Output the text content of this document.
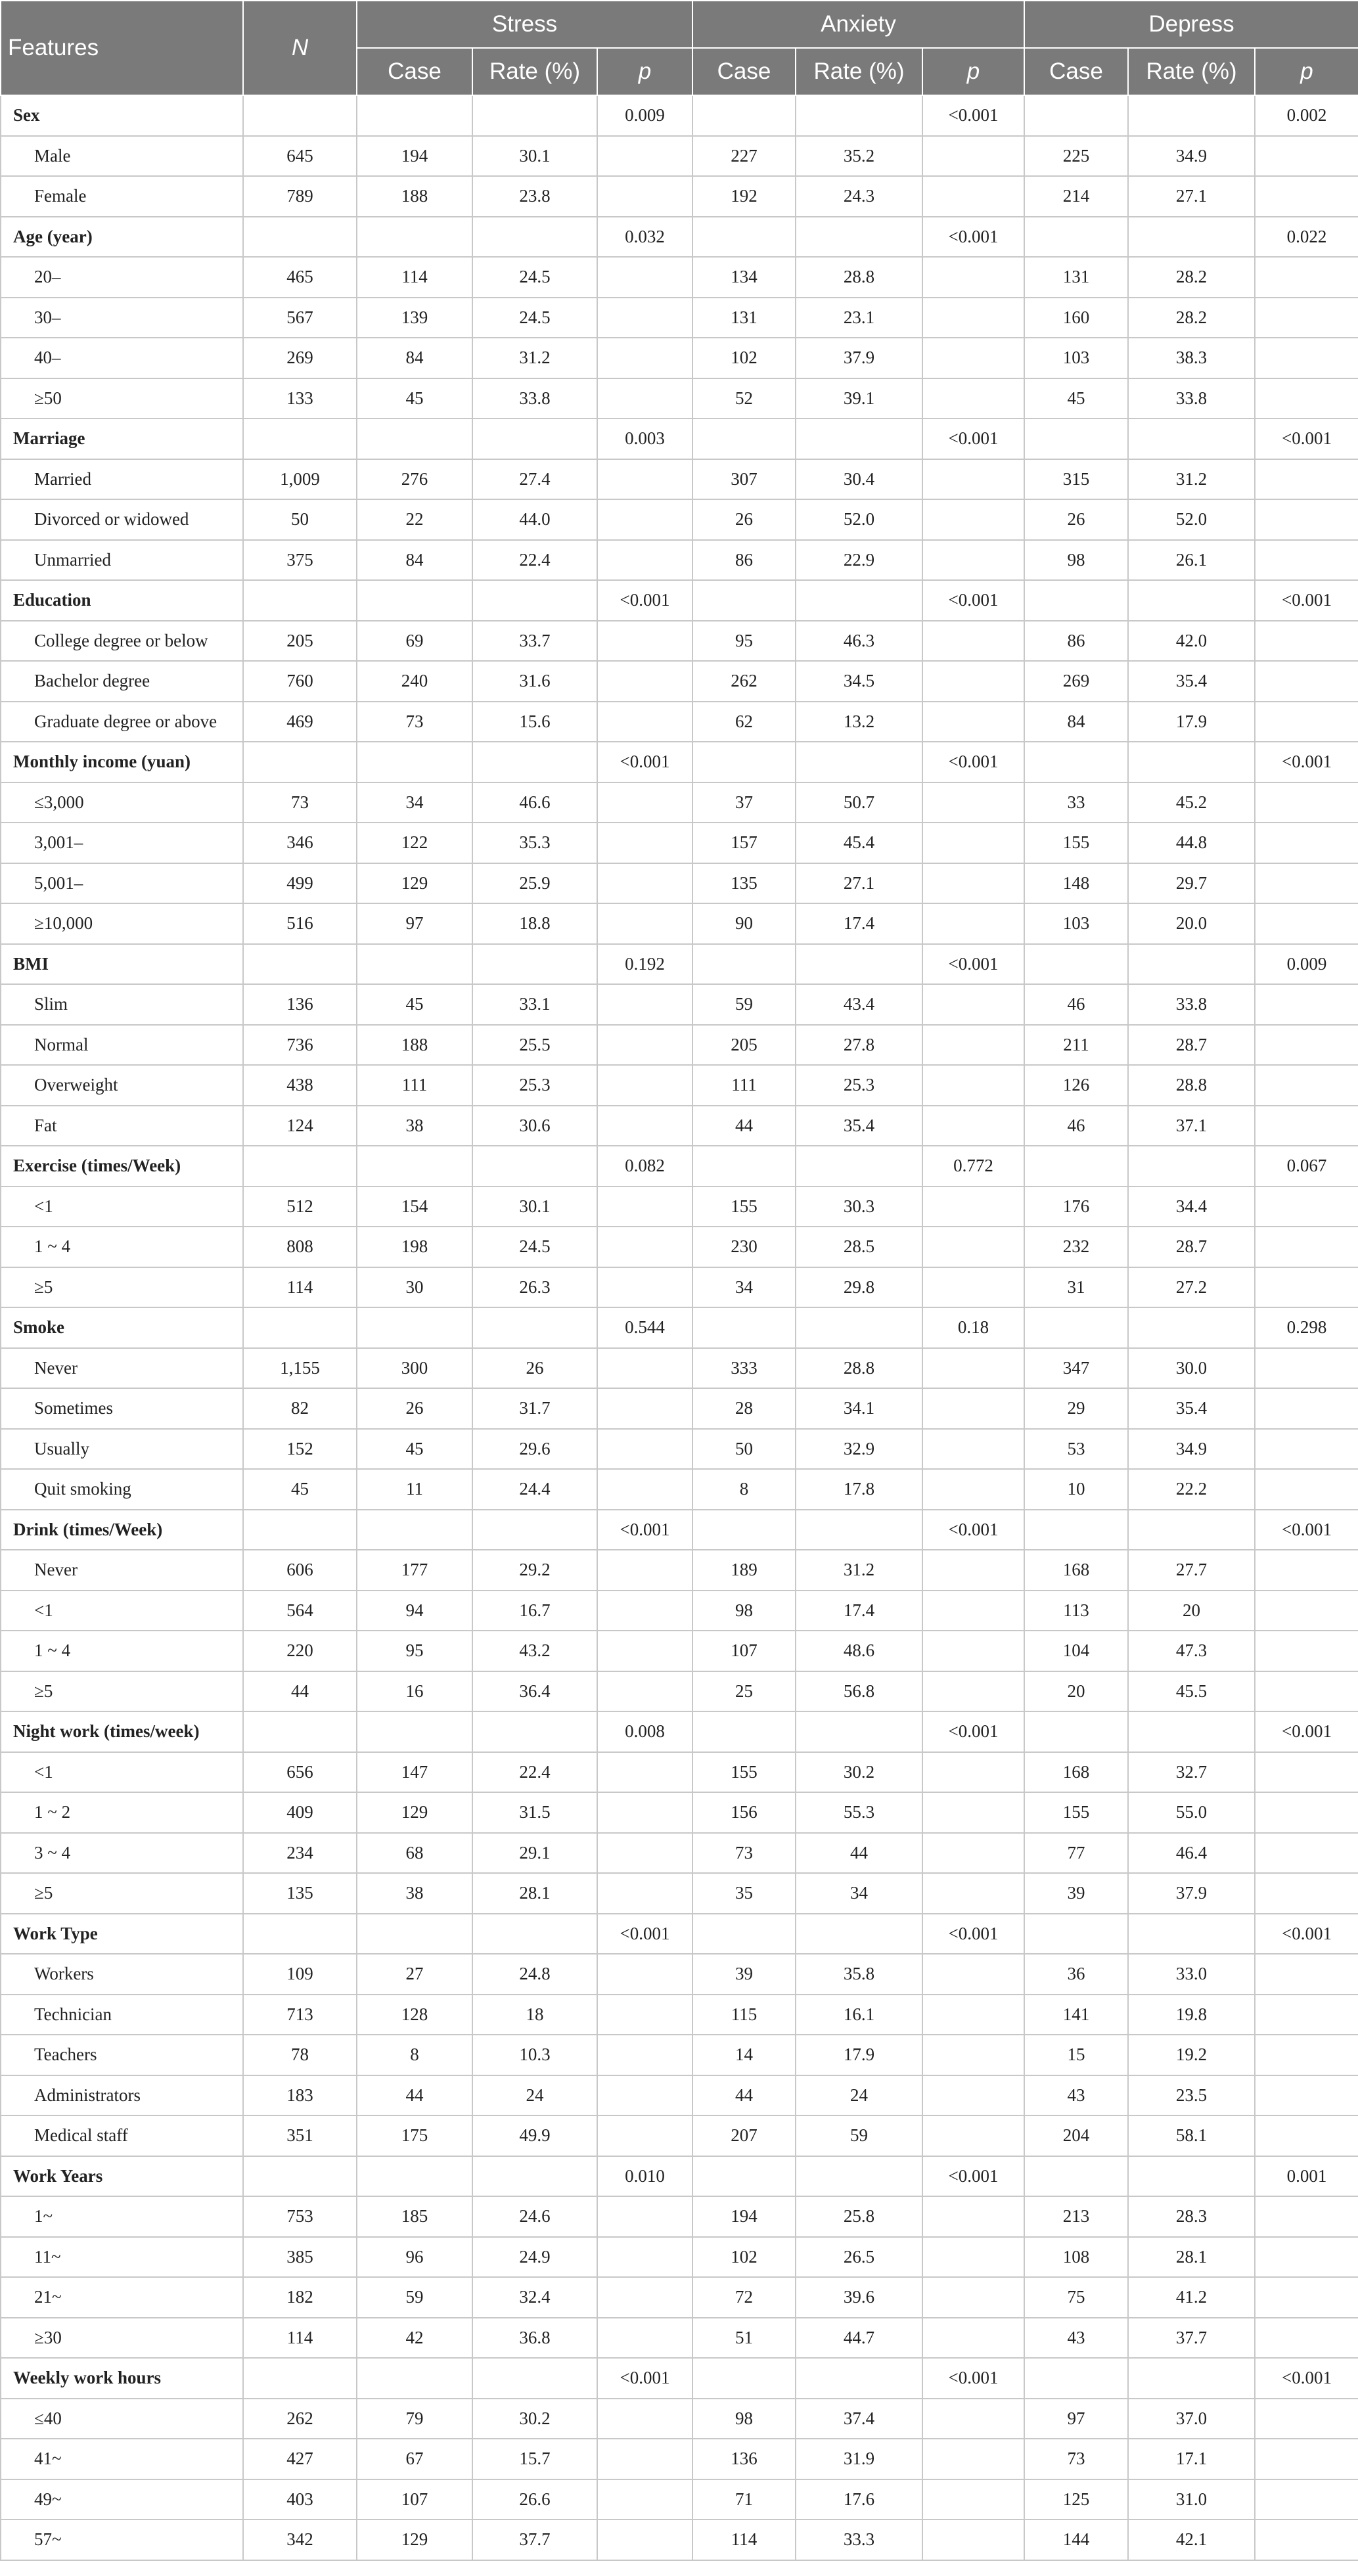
Features	N	Stress			Anxiety			Depress		
		Case	Rate (%)	p	Case	Rate (%)	p	Case	Rate (%)	p
Sex				0.009			<0.001			0.002
Male	645	194	30.1		227	35.2		225	34.9	
Female	789	188	23.8		192	24.3		214	27.1	
Age (year)				0.032			<0.001			0.022
20–	465	114	24.5		134	28.8		131	28.2	
30–	567	139	24.5		131	23.1		160	28.2	
40–	269	84	31.2		102	37.9		103	38.3	
≥50	133	45	33.8		52	39.1		45	33.8	
Marriage				0.003			<0.001			<0.001
Married	1,009	276	27.4		307	30.4		315	31.2	
Divorced or widowed	50	22	44.0		26	52.0		26	52.0	
Unmarried	375	84	22.4		86	22.9		98	26.1	
Education				<0.001			<0.001			<0.001
College degree or below	205	69	33.7		95	46.3		86	42.0	
Bachelor degree	760	240	31.6		262	34.5		269	35.4	
Graduate degree or above	469	73	15.6		62	13.2		84	17.9	
Monthly income (yuan)				<0.001			<0.001			<0.001
≤3,000	73	34	46.6		37	50.7		33	45.2	
3,001–	346	122	35.3		157	45.4		155	44.8	
5,001–	499	129	25.9		135	27.1		148	29.7	
≥10,000	516	97	18.8		90	17.4		103	20.0	
BMI				0.192			<0.001			0.009
Slim	136	45	33.1		59	43.4		46	33.8	
Normal	736	188	25.5		205	27.8		211	28.7	
Overweight	438	111	25.3		111	25.3		126	28.8	
Fat	124	38	30.6		44	35.4		46	37.1	
Exercise (times/Week)				0.082			0.772			0.067
<1	512	154	30.1		155	30.3		176	34.4	
1 ~ 4	808	198	24.5		230	28.5		232	28.7	
≥5	114	30	26.3		34	29.8		31	27.2	
Smoke				0.544			0.18			0.298
Never	1,155	300	26		333	28.8		347	30.0	
Sometimes	82	26	31.7		28	34.1		29	35.4	
Usually	152	45	29.6		50	32.9		53	34.9	
Quit smoking	45	11	24.4		8	17.8		10	22.2	
Drink (times/Week)				<0.001			<0.001			<0.001
Never	606	177	29.2		189	31.2		168	27.7	
<1	564	94	16.7		98	17.4		113	20	
1 ~ 4	220	95	43.2		107	48.6		104	47.3	
≥5	44	16	36.4		25	56.8		20	45.5	
Night work (times/week)				0.008			<0.001			<0.001
<1	656	147	22.4		155	30.2		168	32.7	
1 ~ 2	409	129	31.5		156	55.3		155	55.0	
3 ~ 4	234	68	29.1		73	44		77	46.4	
≥5	135	38	28.1		35	34		39	37.9	
Work Type				<0.001			<0.001			<0.001
Workers	109	27	24.8		39	35.8		36	33.0	
Technician	713	128	18		115	16.1		141	19.8	
Teachers	78	8	10.3		14	17.9		15	19.2	
Administrators	183	44	24		44	24		43	23.5	
Medical staff	351	175	49.9		207	59		204	58.1	
Work Years				0.010			<0.001			0.001
1~	753	185	24.6		194	25.8		213	28.3	
11~	385	96	24.9		102	26.5		108	28.1	
21~	182	59	32.4		72	39.6		75	41.2	
≥30	114	42	36.8		51	44.7		43	37.7	
Weekly work hours				<0.001			<0.001			<0.001
≤40	262	79	30.2		98	37.4		97	37.0	
41~	427	67	15.7		136	31.9		73	17.1	
49~	403	107	26.6		71	17.6		125	31.0	
57~	342	129	37.7		114	33.3		144	42.1	
